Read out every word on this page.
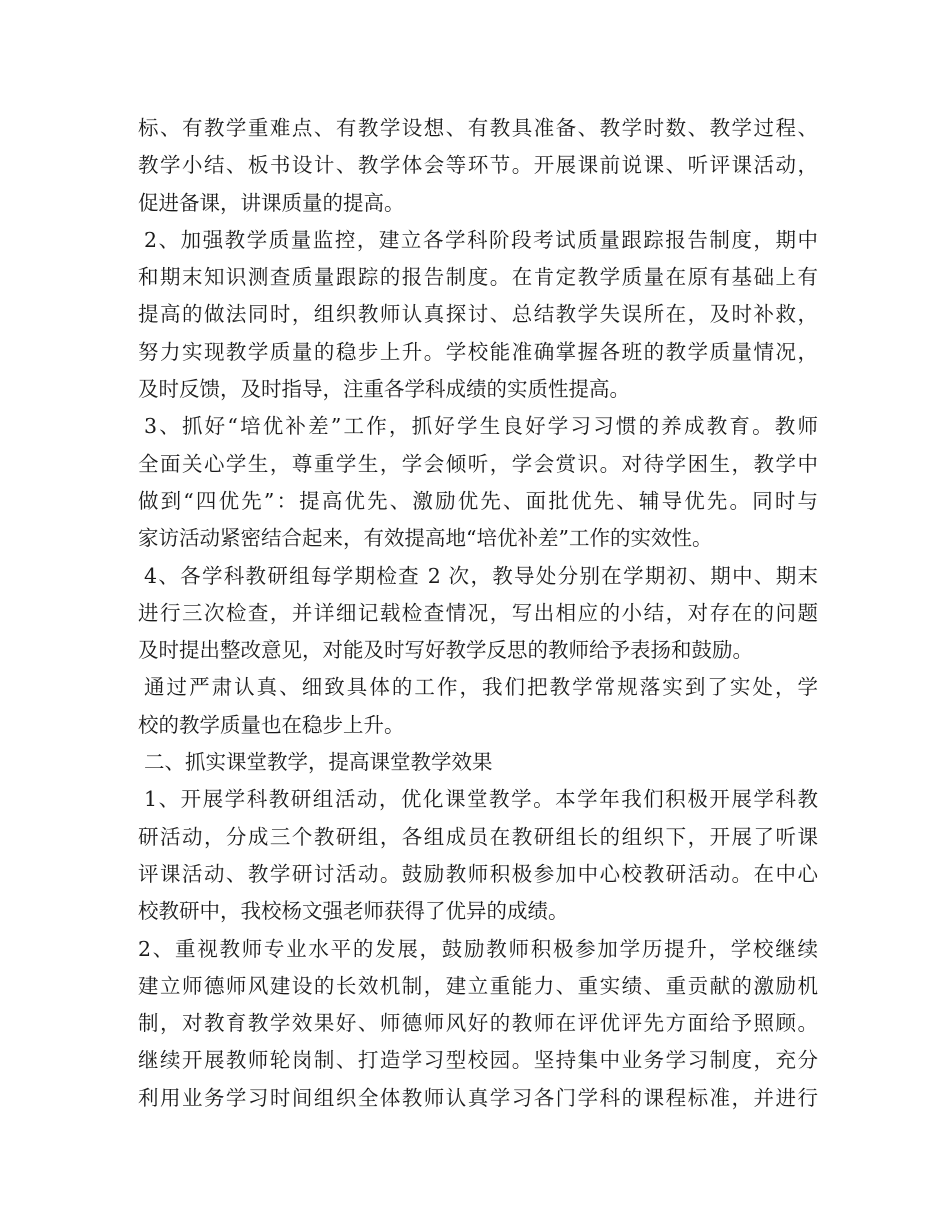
标、有教学重难点、有教学设想、有教具准备、教学时数、教学过程、
教学小结、板书设计、教学体会等环节。开展课前说课、听评课活动，
促进备课，讲课质量的提高。
2、加强教学质量监控，建立各学科阶段考试质量跟踪报告制度，期中
和期末知识测查质量跟踪的报告制度。在肯定教学质量在原有基础上有
提高的做法同时，组织教师认真探讨、总结教学失误所在，及时补救，
努力实现教学质量的稳步上升。学校能准确掌握各班的教学质量情况，
及时反馈，及时指导，注重各学科成绩的实质性提高。
3、抓好“培优补差”工作，抓好学生良好学习习惯的养成教育。教师
全面关心学生，尊重学生，学会倾听，学会赏识。对待学困生，教学中
做到“四优先”：提高优先、激励优先、面批优先、辅导优先。同时与
家访活动紧密结合起来，有效提高地“培优补差”工作的实效性。
4、各学科教研组每学期检查 2 次，教导处分别在学期初、期中、期末
进行三次检查，并详细记载检查情况，写出相应的小结，对存在的问题
及时提出整改意见，对能及时写好教学反思的教师给予表扬和鼓励。
通过严肃认真、细致具体的工作，我们把教学常规落实到了实处，学
校的教学质量也在稳步上升。
二、抓实课堂教学，提高课堂教学效果
1、开展学科教研组活动，优化课堂教学。本学年我们积极开展学科教
研活动，分成三个教研组，各组成员在教研组长的组织下，开展了听课
评课活动、教学研讨活动。鼓励教师积极参加中心校教研活动。在中心
校教研中，我校杨文强老师获得了优异的成绩。
2、重视教师专业水平的发展，鼓励教师积极参加学历提升，学校继续
建立师德师风建设的长效机制，建立重能力、重实绩、重贡献的激励机
制，对教育教学效果好、师德师风好的教师在评优评先方面给予照顾。
继续开展教师轮岗制、打造学习型校园。坚持集中业务学习制度，充分
利用业务学习时间组织全体教师认真学习各门学科的课程标准，并进行
